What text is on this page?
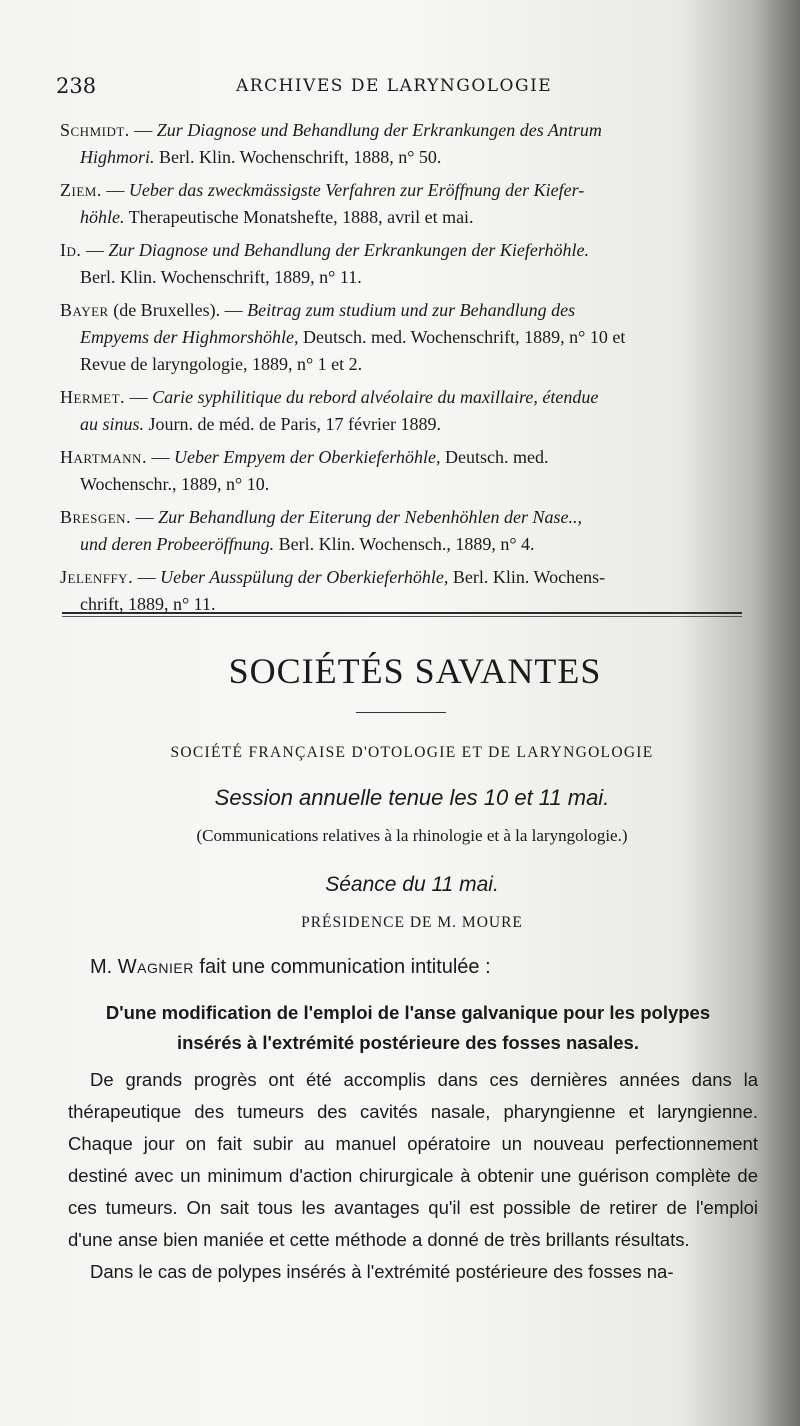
238	ARCHIVES DE LARYNGOLOGIE
Schmidt. — Zur Diagnose und Behandlung der Erkrankungen des Antrum
Highmori. Berl. Klin. Wochenschrift, 1888, n° 50.
Ziem. — Ueber das zweckmässigste Verfahren zur Eröffnung der Kiefer-
höhle. Therapeutische Monatshefte, 1888, avril et mai.
Id. — Zur Diagnose und Behandlung der Erkrankungen der Kieferhöhle.
Berl. Klin. Wochenschrift, 1889, n° 11.
Bayer (de Bruxelles). — Beitrag zum studium und zur Behandlung des
Empyems der Highmorshöhle, Deutsch. med. Wochenschrift, 1889, n° 10 et
Revue de laryngologie, 1889, n° 1 et 2.
Hermet. — Carie syphilitique du rebord alvéolaire du maxillaire, étendue
au sinus. Journ. de méd. de Paris, 17 février 1889.
Hartmann. — Ueber Empyem der Oberkieferhöhle, Deutsch. med.
Wochenschr., 1889, n° 10.
Bresgen. — Zur Behandlung der Eiterung der Nebenhöhlen der Nase..,
und deren Probeeröffnung. Berl. Klin. Wochensch., 1889, n° 4.
Jelenffy. — Ueber Ausspülung der Oberkieferhöhle, Berl. Klin. Wochens-
chrift, 1889, n° 11.
SOCIÉTÉS SAVANTES
SOCIÉTÉ FRANÇAISE D'OTOLOGIE ET DE LARYNGOLOGIE
Session annuelle tenue les 10 et 11 mai.
(Communications relatives à la rhinologie et à la laryngologie.)
Séance du 11 mai.
PRÉSIDENCE DE M. MOURE
M. Wagnier fait une communication intitulée :
D'une modification de l'emploi de l'anse galvanique pour les polypes
insérés à l'extrémité postérieure des fosses nasales.

De grands progrès ont été accomplis dans ces dernières années dans la thérapeutique des tumeurs des cavités nasale, pharyngienne et laryngienne. Chaque jour on fait subir au manuel opératoire un nouveau perfectionnement destiné avec un minimum d'action chirurgicale à obtenir une guérison complète de ces tumeurs. On sait tous les avantages qu'il est possible de retirer de l'emploi d'une anse bien maniée et cette méthode a donné de très brillants résultats.

Dans le cas de polypes insérés à l'extrémité postérieure des fosses na-
